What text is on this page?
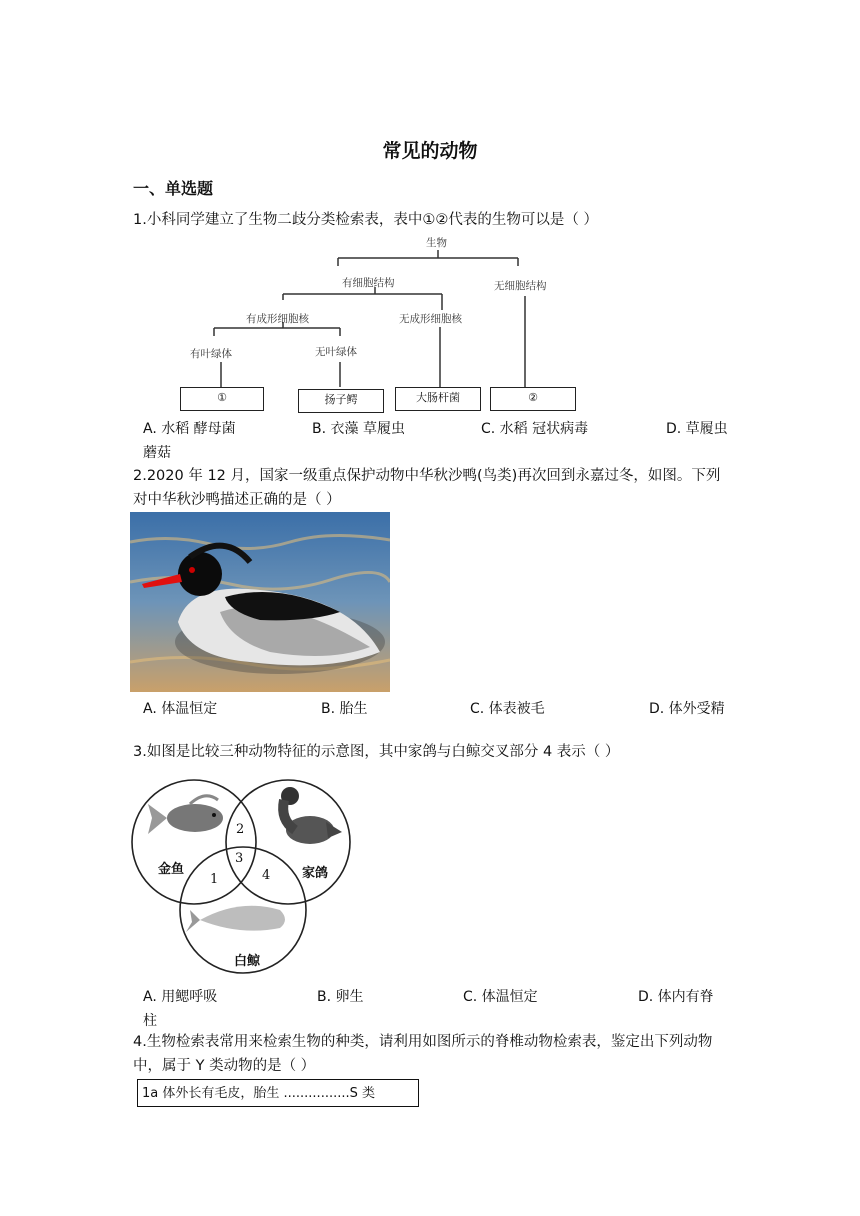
常见的动物
一、单选题
1.小科同学建立了生物二歧分类检索表，表中①②代表的生物可以是（ ）
生物
有细胞结构	无细胞结构
有成形细胞核	无成形细胞核
有叶绿体	无叶绿体
①	扬子鳄	大肠杆菌	②
A. 水稻 酵母菌	B. 衣藻 草履虫	C. 水稻 冠状病毒	D. 草履虫
蘑菇
2.2020 年 12 月，国家一级重点保护动物中华秋沙鸭(鸟类)再次回到永嘉过冬，如图。下列
对中华秋沙鸭描述正确的是（ ）
A. 体温恒定	B. 胎生	C. 体表被毛	D. 体外受精
3.如图是比较三种动物特征的示意图，其中家鸽与白鲸交叉部分 4 表示（ ）
2
3
1	4
金鱼	家鸽
白鲸
A. 用鳃呼吸	B. 卵生	C. 体温恒定	D. 体内有脊
柱
4.生物检索表常用来检索生物的种类，请利用如图所示的脊椎动物检索表，鉴定出下列动物
中，属于 Y 类动物的是（ ）
1a 体外长有毛皮，胎生 ................S 类
